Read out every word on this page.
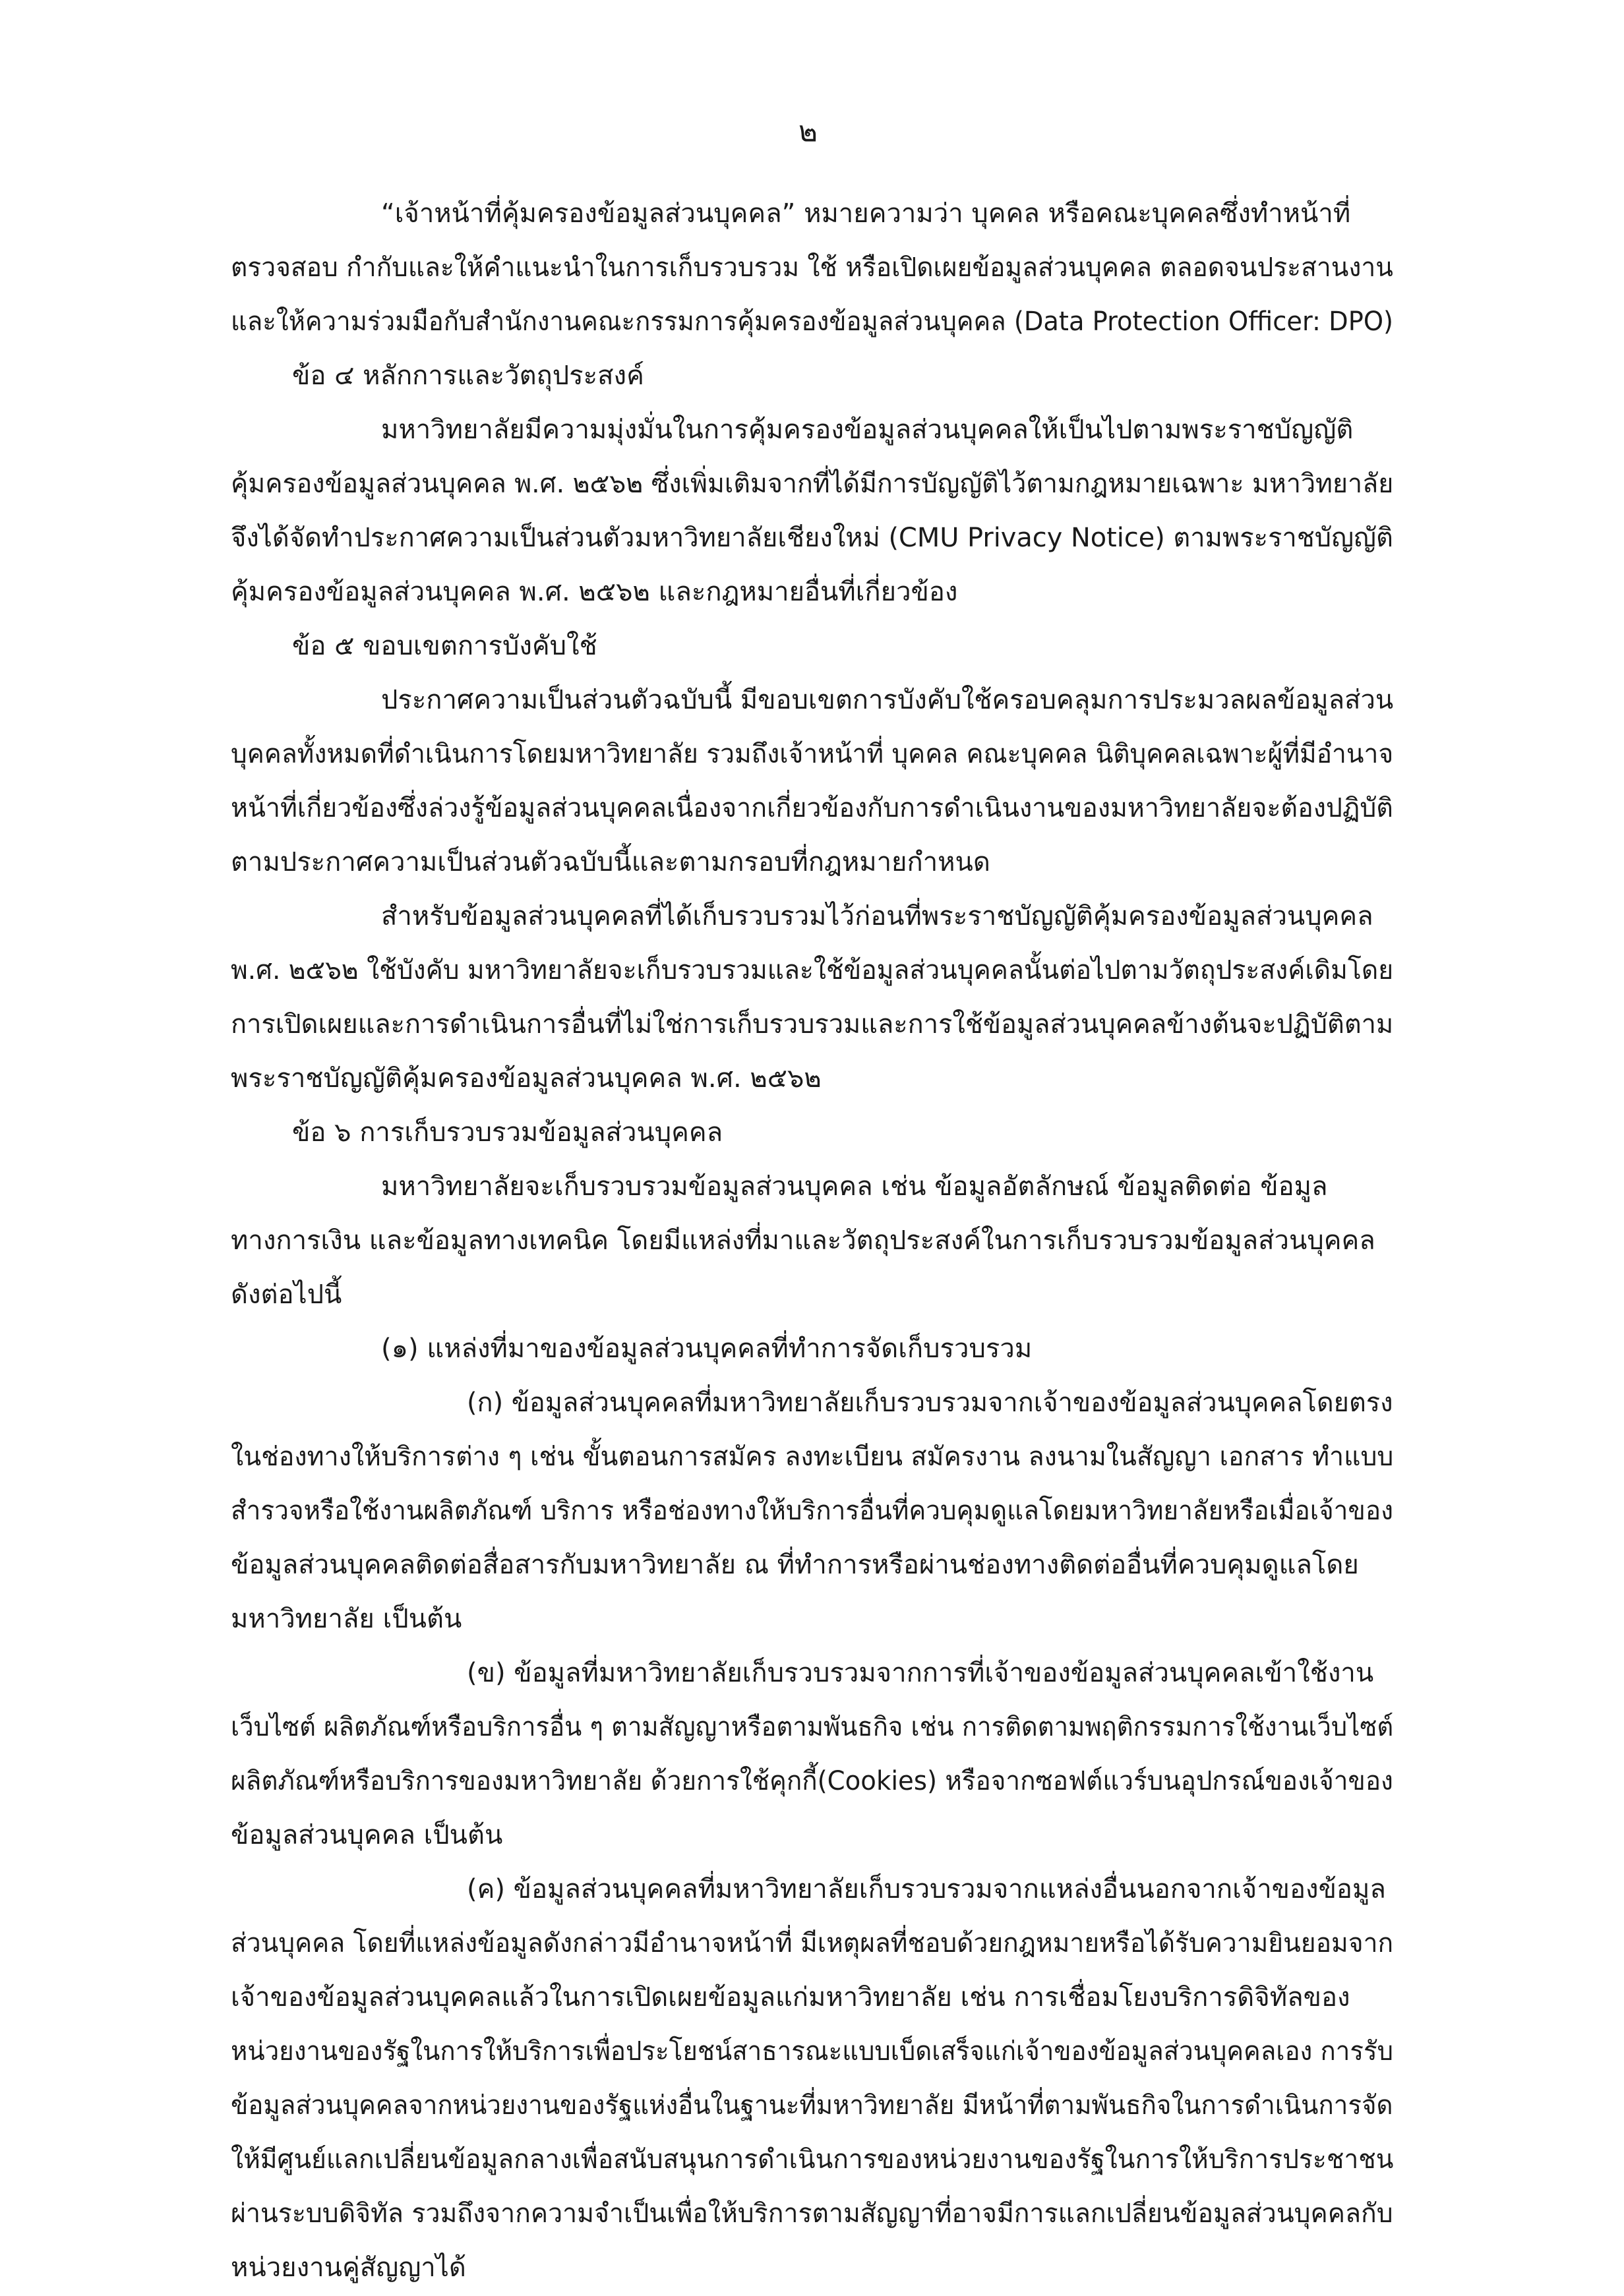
๒
“เจ้าหน้าที่คุ้มครองข้อมูลส่วนบุคคล” หมายความว่า บุคคล หรือคณะบุคคลซึ่งทำหน้าที่
ตรวจสอบ กำกับและให้คำแนะนำในการเก็บรวบรวม ใช้ หรือเปิดเผยข้อมูลส่วนบุคคล ตลอดจนประสานงาน
และให้ความร่วมมือกับสำนักงานคณะกรรมการคุ้มครองข้อมูลส่วนบุคคล (Data Protection Officer: DPO)
ข้อ ๔ หลักการและวัตถุประสงค์
มหาวิทยาลัยมีความมุ่งมั่นในการคุ้มครองข้อมูลส่วนบุคคลให้เป็นไปตามพระราชบัญญัติ
คุ้มครองข้อมูลส่วนบุคคล พ.ศ. ๒๕๖๒ ซึ่งเพิ่มเติมจากที่ได้มีการบัญญัติไว้ตามกฎหมายเฉพาะ มหาวิทยาลัย
จึงได้จัดทำประกาศความเป็นส่วนตัวมหาวิทยาลัยเชียงใหม่ (CMU Privacy Notice) ตามพระราชบัญญัติ
คุ้มครองข้อมูลส่วนบุคคล พ.ศ. ๒๕๖๒ และกฎหมายอื่นที่เกี่ยวข้อง
ข้อ ๕ ขอบเขตการบังคับใช้
ประกาศความเป็นส่วนตัวฉบับนี้ มีขอบเขตการบังคับใช้ครอบคลุมการประมวลผลข้อมูลส่วน
บุคคลทั้งหมดที่ดำเนินการโดยมหาวิทยาลัย รวมถึงเจ้าหน้าที่ บุคคล คณะบุคคล นิติบุคคลเฉพาะผู้ที่มีอำนาจ
หน้าที่เกี่ยวข้องซึ่งล่วงรู้ข้อมูลส่วนบุคคลเนื่องจากเกี่ยวข้องกับการดำเนินงานของมหาวิทยาลัยจะต้องปฏิบัติ
ตามประกาศความเป็นส่วนตัวฉบับนี้และตามกรอบที่กฎหมายกำหนด
สำหรับข้อมูลส่วนบุคคลที่ได้เก็บรวบรวมไว้ก่อนที่พระราชบัญญัติคุ้มครองข้อมูลส่วนบุคคล
พ.ศ. ๒๕๖๒ ใช้บังคับ มหาวิทยาลัยจะเก็บรวบรวมและใช้ข้อมูลส่วนบุคคลนั้นต่อไปตามวัตถุประสงค์เดิมโดย
การเปิดเผยและการดำเนินการอื่นที่ไม่ใช่การเก็บรวบรวมและการใช้ข้อมูลส่วนบุคคลข้างต้นจะปฏิบัติตาม
พระราชบัญญัติคุ้มครองข้อมูลส่วนบุคคล พ.ศ. ๒๕๖๒
ข้อ ๖ การเก็บรวบรวมข้อมูลส่วนบุคคล
มหาวิทยาลัยจะเก็บรวบรวมข้อมูลส่วนบุคคล เช่น ข้อมูลอัตลักษณ์ ข้อมูลติดต่อ ข้อมูล
ทางการเงิน และข้อมูลทางเทคนิค โดยมีแหล่งที่มาและวัตถุประสงค์ในการเก็บรวบรวมข้อมูลส่วนบุคคล
ดังต่อไปนี้
(๑) แหล่งที่มาของข้อมูลส่วนบุคคลที่ทำการจัดเก็บรวบรวม
(ก) ข้อมูลส่วนบุคคลที่มหาวิทยาลัยเก็บรวบรวมจากเจ้าของข้อมูลส่วนบุคคลโดยตรง
ในช่องทางให้บริการต่าง ๆ เช่น ขั้นตอนการสมัคร ลงทะเบียน สมัครงาน ลงนามในสัญญา เอกสาร ทำแบบ
สำรวจหรือใช้งานผลิตภัณฑ์ บริการ หรือช่องทางให้บริการอื่นที่ควบคุมดูแลโดยมหาวิทยาลัยหรือเมื่อเจ้าของ
ข้อมูลส่วนบุคคลติดต่อสื่อสารกับมหาวิทยาลัย ณ ที่ทำการหรือผ่านช่องทางติดต่ออื่นที่ควบคุมดูแลโดย
มหาวิทยาลัย เป็นต้น
(ข) ข้อมูลที่มหาวิทยาลัยเก็บรวบรวมจากการที่เจ้าของข้อมูลส่วนบุคคลเข้าใช้งาน
เว็บไซต์ ผลิตภัณฑ์หรือบริการอื่น ๆ ตามสัญญาหรือตามพันธกิจ เช่น การติดตามพฤติกรรมการใช้งานเว็บไซต์
ผลิตภัณฑ์หรือบริการของมหาวิทยาลัย ด้วยการใช้คุกกี้(Cookies) หรือจากซอฟต์แวร์บนอุปกรณ์ของเจ้าของ
ข้อมูลส่วนบุคคล เป็นต้น
(ค) ข้อมูลส่วนบุคคลที่มหาวิทยาลัยเก็บรวบรวมจากแหล่งอื่นนอกจากเจ้าของข้อมูล
ส่วนบุคคล โดยที่แหล่งข้อมูลดังกล่าวมีอำนาจหน้าที่ มีเหตุผลที่ชอบด้วยกฎหมายหรือได้รับความยินยอมจาก
เจ้าของข้อมูลส่วนบุคคลแล้วในการเปิดเผยข้อมูลแก่มหาวิทยาลัย เช่น การเชื่อมโยงบริการดิจิทัลของ
หน่วยงานของรัฐในการให้บริการเพื่อประโยชน์สาธารณะแบบเบ็ดเสร็จแก่เจ้าของข้อมูลส่วนบุคคลเอง การรับ
ข้อมูลส่วนบุคคลจากหน่วยงานของรัฐแห่งอื่นในฐานะที่มหาวิทยาลัย มีหน้าที่ตามพันธกิจในการดำเนินการจัด
ให้มีศูนย์แลกเปลี่ยนข้อมูลกลางเพื่อสนับสนุนการดำเนินการของหน่วยงานของรัฐในการให้บริการประชาชน
ผ่านระบบดิจิทัล รวมถึงจากความจำเป็นเพื่อให้บริการตามสัญญาที่อาจมีการแลกเปลี่ยนข้อมูลส่วนบุคคลกับ
หน่วยงานคู่สัญญาได้
